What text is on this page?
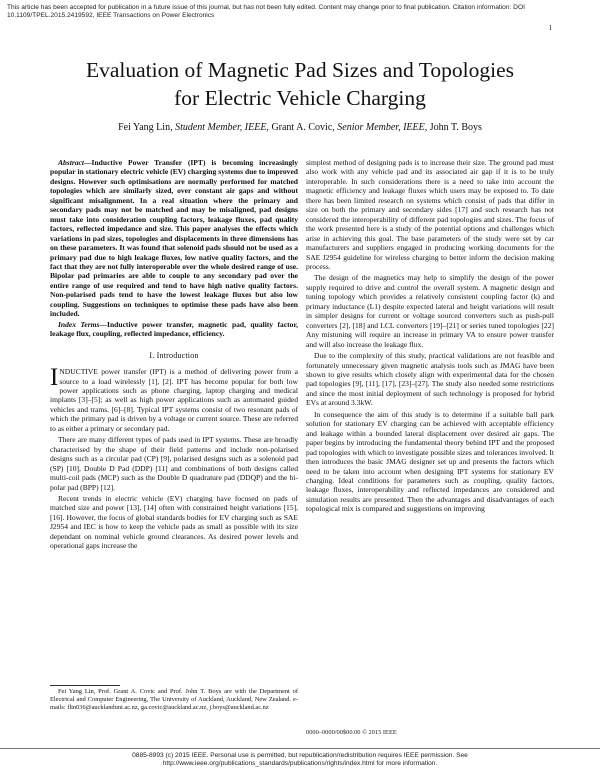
This article has been accepted for publication in a future issue of this journal, but has not been fully edited. Content may change prior to final publication. Citation information: DOI
10.1109/TPEL.2015.2419592, IEEE Transactions on Power Electronics
1
Evaluation of Magnetic Pad Sizes and Topologies
for Electric Vehicle Charging
Fei Yang Lin, Student Member, IEEE, Grant A. Covic, Senior Member, IEEE, John T. Boys

Abstract—Inductive Power Transfer (IPT) is becoming increasingly popular in stationary electric vehicle (EV) charging systems due to improved designs. However such optimisations are normally performed for matched topologies which are similarly sized, over constant air gaps and without significant misalignment. In a real situation where the primary and secondary pads may not be matched and may be misaligned, pad designs must take into consideration coupling factors, leakage fluxes, pad quality factors, reflected impedance and size. This paper analyses the effects which variations in pad sizes, topologies and displacements in three dimensions has on these parameters. It was found that solenoid pads should not be used as a primary pad due to high leakage fluxes, low native quality factors, and the fact that they are not fully interoperable over the whole desired range of use. Bipolar pad primaries are able to couple to any secondary pad over the entire range of use required and tend to have high native quality factors. Non-polarised pads tend to have the lowest leakage fluxes but also low coupling. Suggestions on techniques to optimise these pads have also been included.

Index Terms—Inductive power transfer, magnetic pad, quality factor, leakage flux, coupling, reflected impedance, efficiency.

I. Introduction

INDUCTIVE power transfer (IPT) is a method of delivering power from a source to a load wirelessly [1], [2]. IPT has become popular for both low power applications such as phone charging, laptop charging and medical implants [3]–[5]; as well as high power applications such as automated guided vehicles and trams. [6]–[8]. Typical IPT systems consist of two resonant pads of which the primary pad is driven by a voltage or current source. These are referred to as either a primary or secondary pad.

There are many different types of pads used in IPT systems. These are broadly characterised by the shape of their field patterns and include non-polarised designs such as a circular pad (CP) [9], polarised designs such as a solenoid pad (SP) [10], Double D Pad (DDP) [11] and combinations of both designs called multi-coil pads (MCP) such as the Double D quadrature pad (DDQP) and the bi-polar pad (BPP) [12].

Recent trends in electric vehicle (EV) charging have focused on pads of matched size and power [13], [14] often with constrained height variations [15], [16]. However, the focus of global standards bodies for EV charging such as SAE J2954 and IEC is how to keep the vehicle pads as small as possible with its size dependant on nominal vehicle ground clearances. As desired power levels and operational gaps increase the

simplest method of designing pads is to increase their size. The ground pad must also work with any vehicle pad and its associated air gap if it is to be truly interoperable. In such considerations there is a need to take into account the magnetic efficiency and leakage fluxes which users may be exposed to. To date there has been limited research on systems which consist of pads that differ in size on both the primary and secondary sides [17] and such research has not considered the interoperability of different pad topologies and sizes. The focus of the work presented here is a study of the potential options and challenges which arise in achieving this goal. The base parameters of the study were set by car manufacturers and suppliers engaged in producing working documents for the SAE J2954 guideline for wireless charging to better inform the decision making process.

The design of the magnetics may help to simplify the design of the power supply required to drive and control the overall system. A magnetic design and tuning topology which provides a relatively consistent coupling factor (k) and primary inductance (L1) despite expected lateral and height variations will result in simpler designs for current or voltage sourced converters such as push-pull converters [2], [18] and LCL converters [19]–[21] or series tuned topologies [22] Any mistuning will require an increase in primary VA to ensure power transfer and will also increase the leakage flux.

Due to the complexity of this study, practical validations are not feasible and fortunately unnecessary given magnetic analysis tools such as JMAG have been shown to give results which closely align with experimental data for the chosen pad topologies [9], [11], [17], [23]–[27]. The study also needed some restrictions and since the most initial deployment of such technology is proposed for hybrid EVs at around 3.3kW.

In consequence the aim of this study is to determine if a suitable ball park solution for stationary EV charging can be achieved with acceptable efficiency and leakage within a bounded lateral displacement over desired air gaps. The paper begins by introducing the fundamental theory behind IPT and the proposed pad topologies with which to investigate possible sizes and tolerances involved. It then introduces the basic JMAG designer set up and presents the factors which need to be taken into account when designing IPT systems for stationary EV charging. Ideal conditions for parameters such as coupling, quality factors, leakage fluxes, interoperability and reflected impedances are considered and simulation results are presented. Then the advantages and disadvantages of each topological mix is compared and suggestions on improving

Fei Yang Lin, Prof. Grant A. Covic and Prof. John T. Boys are with the Department of Electrical and Computer Engineering, The University of Auckland, Auckland, New Zealand. e-mails: flin036@aucklanduni.ac.nz, ga.covic@auckland.ac.nz, j.boys@auckland.ac.nz

0000–0000/00$00.00 © 2015 IEEE
0885-8993 (c) 2015 IEEE. Personal use is permitted, but republication/redistribution requires IEEE permission. See
http://www.ieee.org/publications_standards/publications/rights/index.html for more information.
